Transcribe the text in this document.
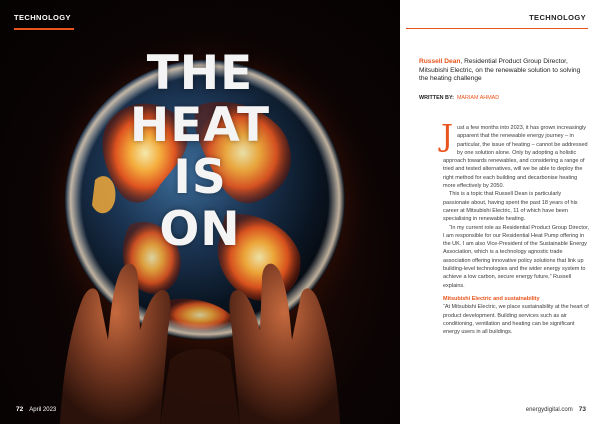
TECHNOLOGY
THE
HEAT
IS
ON
72 April 2023
TECHNOLOGY
Russell Dean, Residential Product Group Director, Mitsubishi Electric, on the renewable solution to solving the heating challenge
WRITTEN BY: MARIAM AHMAD

Just a few months into 2023, it has grown increasingly apparent that the renewable energy journey – in particular, the issue of heating – cannot be addressed by one solution alone. Only by adopting a holistic approach towards renewables, and considering a range of tried and tested alternatives, will we be able to deploy the right method for each building and decarbonise heating more effectively by 2050.

This is a topic that Russell Dean is particularly passionate about, having spent the past 18 years of his career at Mitsubishi Electric, 11 of which have been specialising in renewable heating.

“In my current role as Residential Product Group Director, I am responsible for our Residential Heat Pump offering in the UK. I am also Vice-President of the Sustainable Energy Association, which is a technology agnostic trade association offering innovative policy solutions that link up building-level technologies and the wider energy system to achieve a low carbon, secure energy future,” Russell explains.

Mitsubishi Electric and sustainability

“At Mitsubishi Electric, we place sustainability at the heart of product development. Building services such as air conditioning, ventilation and heating can be significant energy users in all buildings.

energydigital.com 73
